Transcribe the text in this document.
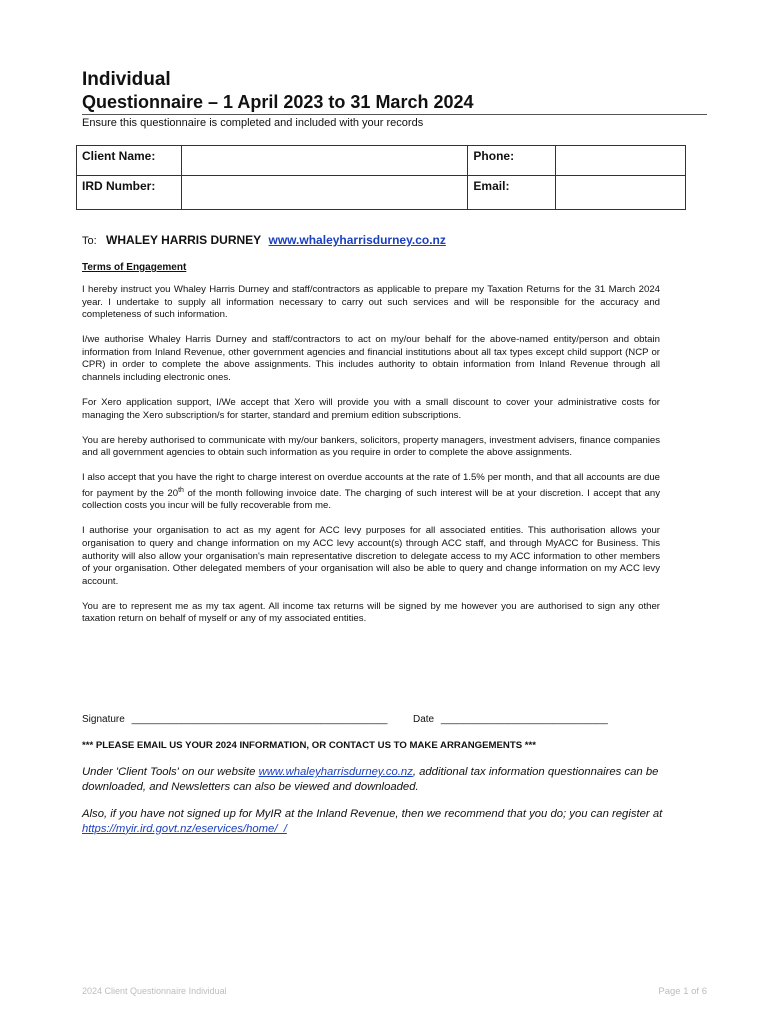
Individual
Questionnaire – 1 April 2023 to 31 March 2024
Ensure this questionnaire is completed and included with your records
Client Name:		Phone:	
IRD Number:		Email:	
To: WHALEY HARRIS DURNEY www.whaleyharrisdurney.co.nz
Terms of Engagement

I hereby instruct you Whaley Harris Durney and staff/contractors as applicable to prepare my Taxation Returns for the 31 March 2024 year. I undertake to supply all information necessary to carry out such services and will be responsible for the accuracy and completeness of such information.

I/we authorise Whaley Harris Durney and staff/contractors to act on my/our behalf for the above-named entity/person and obtain information from Inland Revenue, other government agencies and financial institutions about all tax types except child support (NCP or CPR) in order to complete the above assignments. This includes authority to obtain information from Inland Revenue through all channels including electronic ones.

For Xero application support, I/We accept that Xero will provide you with a small discount to cover your administrative costs for managing the Xero subscription/s for starter, standard and premium edition subscriptions.

You are hereby authorised to communicate with my/our bankers, solicitors, property managers, investment advisers, finance companies and all government agencies to obtain such information as you require in order to complete the above assignments.

I also accept that you have the right to charge interest on overdue accounts at the rate of 1.5% per month, and that all accounts are due for payment by the 20th of the month following invoice date. The charging of such interest will be at your discretion. I accept that any collection costs you incur will be fully recoverable from me.

I authorise your organisation to act as my agent for ACC levy purposes for all associated entities. This authorisation allows your organisation to query and change information on my ACC levy account(s) through ACC staff, and through MyACC for Business. This authority will also allow your organisation's main representative discretion to delegate access to my ACC information to other members of your organisation. Other delegated members of your organisation will also be able to query and change information on my ACC levy account.

You are to represent me as my tax agent. All income tax returns will be signed by me however you are authorised to sign any other taxation return on behalf of myself or any of my associated entities.

Signature ______________________________________________	Date ______________________________
*** PLEASE EMAIL US YOUR 2024 INFORMATION, OR CONTACT US TO MAKE ARRANGEMENTS ***
Under 'Client Tools' on our website www.whaleyharrisdurney.co.nz, additional tax information questionnaires can be downloaded, and Newsletters can also be viewed and downloaded.
Also, if you have not signed up for MyIR at the Inland Revenue, then we recommend that you do; you can register at https://myir.ird.govt.nz/eservices/home/_/
2024 Client Questionnaire Individual	Page 1 of 6
